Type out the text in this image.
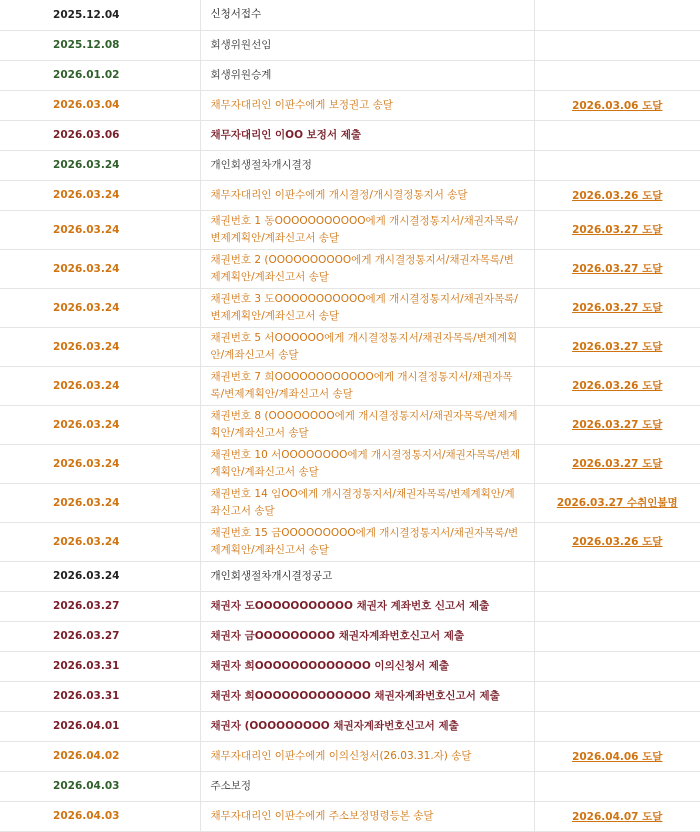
2025.12.04	신청서접수	
2025.12.08	회생위원선임	
2026.01.02	회생위원승계	
2026.03.04	채무자대리인 이판수에게 보정권고 송달	2026.03.06 도달
2026.03.06	채무자대리인 이OO 보정서 제출	
2026.03.24	개인회생절차개시결정	
2026.03.24	채무자대리인 이판수에게 개시결정/개시결정통지서 송달	2026.03.26 도달
2026.03.24	채권번호 1 동OOOOOOOOOOO에게 개시결정통지서/채권자목록/변제계획안/계좌신고서 송달	2026.03.27 도달
2026.03.24	채권번호 2 (OOOOOOOOOO에게 개시결정통지서/채권자목록/변제계획안/계좌신고서 송달	2026.03.27 도달
2026.03.24	채권번호 3 도OOOOOOOOOOO에게 개시결정통지서/채권자목록/변제계획안/계좌신고서 송달	2026.03.27 도달
2026.03.24	채권번호 5 서OOOOOO에게 개시결정통지서/채권자목록/변제계획안/계좌신고서 송달	2026.03.27 도달
2026.03.24	채권번호 7 희OOOOOOOOOOOO에게 개시결정통지서/채권자목록/변제계획안/계좌신고서 송달	2026.03.26 도달
2026.03.24	채권번호 8 (OOOOOOOO에게 개시결정통지서/채권자목록/변제계획안/계좌신고서 송달	2026.03.27 도달
2026.03.24	채권번호 10 서OOOOOOOO에게 개시결정통지서/채권자목록/변제계획안/계좌신고서 송달	2026.03.27 도달
2026.03.24	채권번호 14 임OO에게 개시결정통지서/채권자목록/변제계획안/계좌신고서 송달	2026.03.27 수취인불명
2026.03.24	채권번호 15 금OOOOOOOOO에게 개시결정통지서/채권자목록/변제계획안/계좌신고서 송달	2026.03.26 도달
2026.03.24	개인회생절차개시결정공고	
2026.03.27	채권자 도OOOOOOOOOOO 채권자 계좌번호 신고서 제출	
2026.03.27	채권자 금OOOOOOOOO 채권자계좌번호신고서 제출	
2026.03.31	채권자 희OOOOOOOOOOOOO 이의신청서 제출	
2026.03.31	채권자 희OOOOOOOOOOOOO 채권자계좌번호신고서 제출	
2026.04.01	채권자 (OOOOOOOOO 채권자계좌번호신고서 제출	
2026.04.02	채무자대리인 이판수에게 이의신청서(26.03.31.자) 송달	2026.04.06 도달
2026.04.03	주소보정	
2026.04.03	채무자대리인 이판수에게 주소보정명령등본 송달	2026.04.07 도달
